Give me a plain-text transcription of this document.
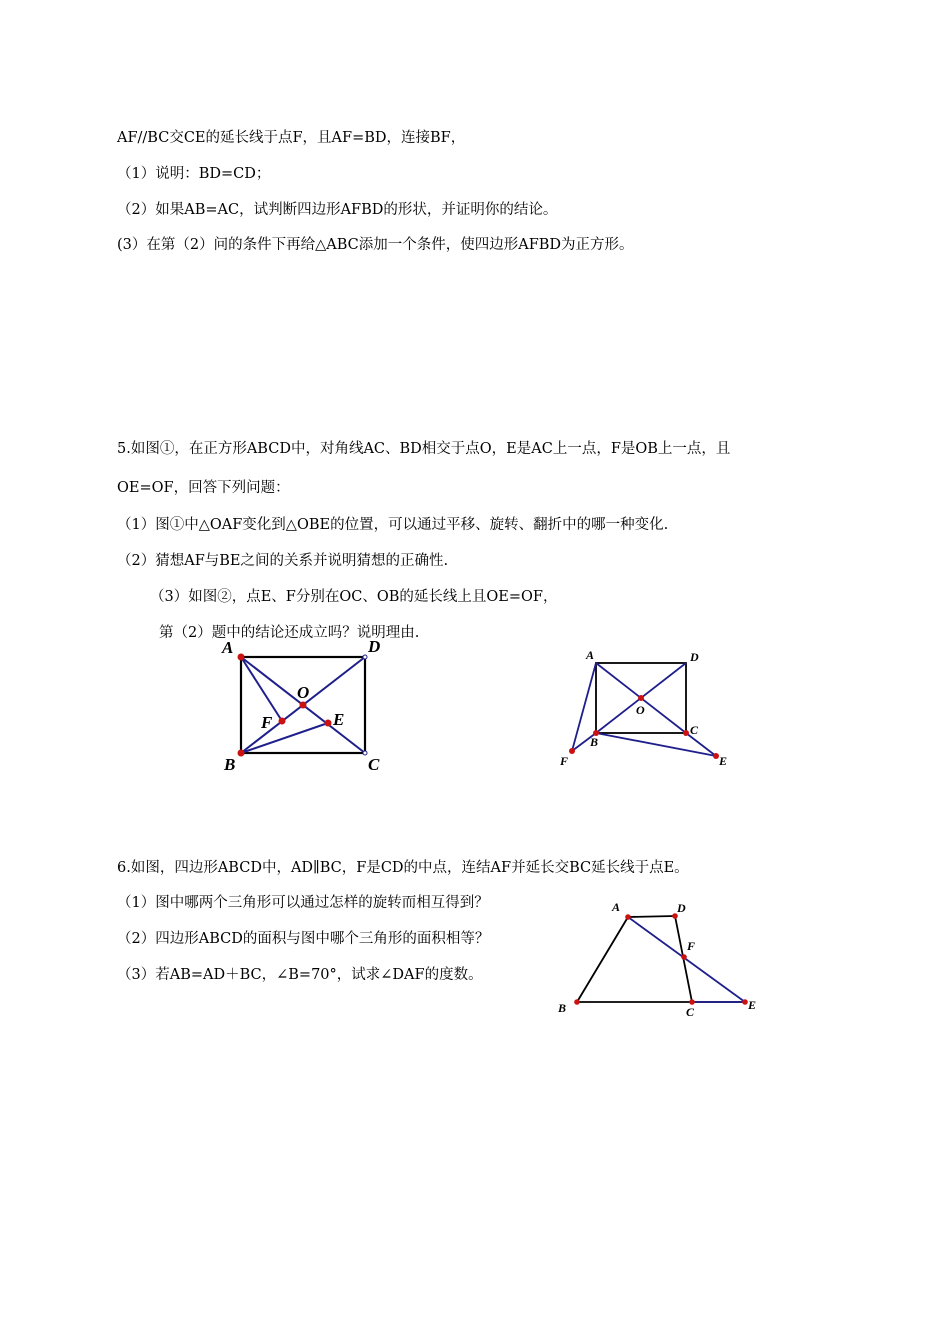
AF//BC交CE的延长线于点F，且AF=BD，连接BF，
（1）说明：BD=CD；
（2）如果AB=AC，试判断四边形AFBD的形状，并证明你的结论。
(3）在第（2）问的条件下再给△ABC添加一个条件，使四边形AFBD为正方形。
5.如图①，在正方形ABCD中，对角线AC、BD相交于点O，E是AC上一点，F是OB上一点，且
OE=OF，回答下列问题：
（1）图①中△OAF变化到△OBE的位置，可以通过平移、旋转、翻折中的哪一种变化.
（2）猜想AF与BE之间的关系并说明猜想的正确性.
（3）如图②，点E、F分别在OC、OB的延长线上且OE=OF，
第（2）题中的结论还成立吗？说明理由.
A	D
O
F	E
B	C
A	D
O
C
B
F	E
6.如图，四边形ABCD中，AD∥BC，F是CD的中点，连结AF并延长交BC延长线于点E。
（1）图中哪两个三角形可以通过怎样的旋转而相互得到？
（2）四边形ABCD的面积与图中哪个三角形的面积相等？
（3）若AB=AD＋BC，∠B=70°，试求∠DAF的度数。
A	D
F
B	C	E
